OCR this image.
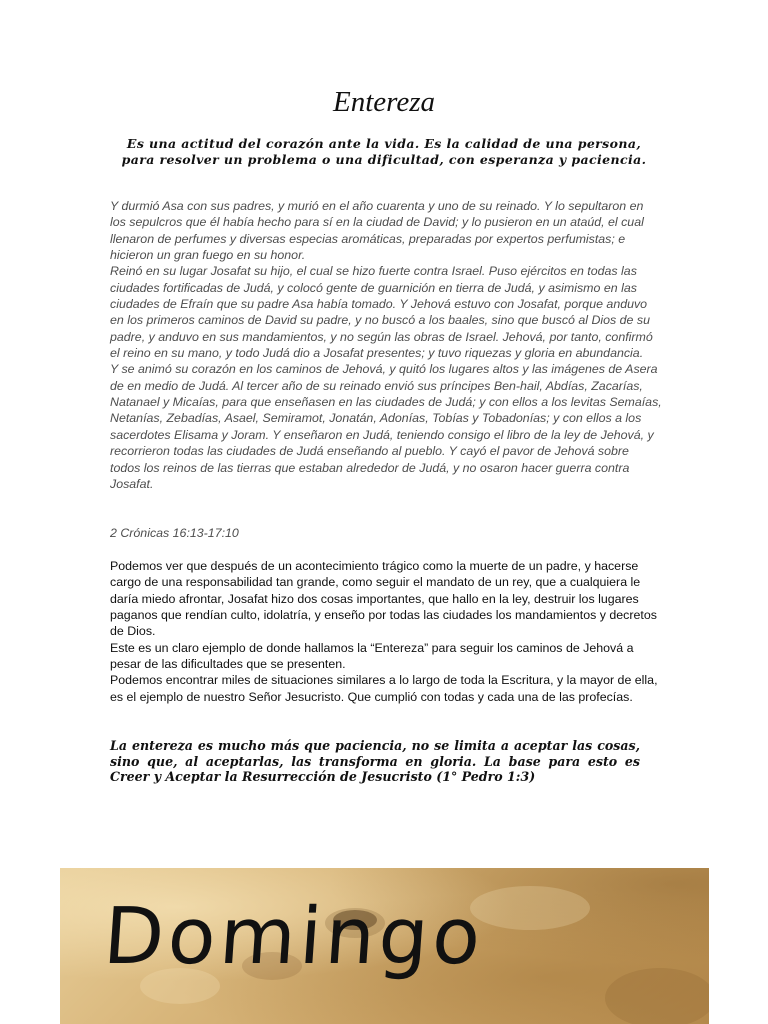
Entereza
Es una actitud del corazón ante la vida. Es la calidad de una persona, para resolver un problema o una dificultad, con esperanza y paciencia.

Y durmió Asa con sus padres, y murió en el año cuarenta y uno de su reinado. Y lo sepultaron en los sepulcros que él había hecho para sí en la ciudad de David; y lo pusieron en un ataúd, el cual llenaron de perfumes y diversas especias aromáticas, preparadas por expertos perfumistas; e hicieron un gran fuego en su honor.

Reinó en su lugar Josafat su hijo, el cual se hizo fuerte contra Israel. Puso ejércitos en todas las ciudades fortificadas de Judá, y colocó gente de guarnición en tierra de Judá, y asimismo en las ciudades de Efraín que su padre Asa había tomado. Y Jehová estuvo con Josafat, porque anduvo en los primeros caminos de David su padre, y no buscó a los baales, sino que buscó al Dios de su padre, y anduvo en sus mandamientos, y no según las obras de Israel. Jehová, por tanto, confirmó el reino en su mano, y todo Judá dio a Josafat presentes; y tuvo riquezas y gloria en abundancia.

Y se animó su corazón en los caminos de Jehová, y quitó los lugares altos y las imágenes de Asera de en medio de Judá. Al tercer año de su reinado envió sus príncipes Ben-hail, Abdías, Zacarías, Natanael y Micaías, para que enseñasen en las ciudades de Judá; y con ellos a los levitas Semaías, Netanías, Zebadías, Asael, Semiramot, Jonatán, Adonías, Tobías y Tobadonías; y con ellos a los sacerdotes Elisama y Joram. Y enseñaron en Judá, teniendo consigo el libro de la ley de Jehová, y recorrieron todas las ciudades de Judá enseñando al pueblo. Y cayó el pavor de Jehová sobre todos los reinos de las tierras que estaban alrededor de Judá, y no osaron hacer guerra contra Josafat.

2 Crónicas 16:13-17:10

Podemos ver que después de un acontecimiento trágico como la muerte de un padre, y hacerse cargo de una responsabilidad tan grande, como seguir el mandato de un rey, que a cualquiera le daría miedo afrontar, Josafat hizo dos cosas importantes, que hallo en la ley, destruir los lugares paganos que rendían culto, idolatría, y enseño por todas las ciudades los mandamientos y decretos de Dios.

Este es un claro ejemplo de donde hallamos la “Entereza” para seguir los caminos de Jehová a pesar de las dificultades que se presenten.

Podemos encontrar miles de situaciones similares a lo largo de toda la Escritura, y la mayor de ella, es el ejemplo de nuestro Señor Jesucristo. Que cumplió con todas y cada una de las profecías.

La entereza es mucho más que paciencia, no se limita a aceptar las cosas, sino que, al aceptarlas, las transforma en gloria. La base para esto es Creer y Aceptar la Resurrección de Jesucristo (1° Pedro 1:3)
Domingo
